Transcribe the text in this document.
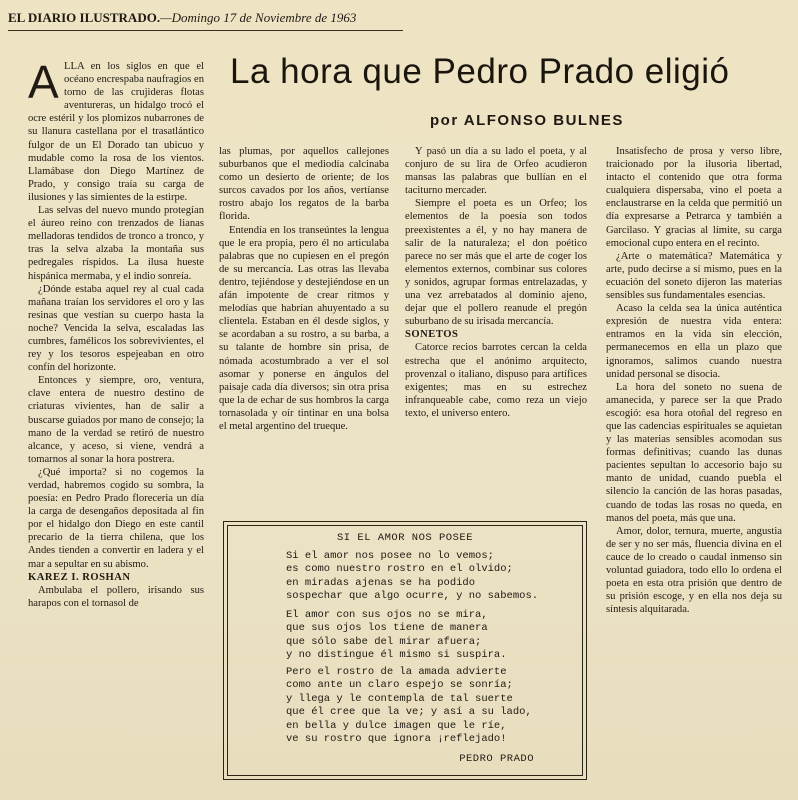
EL DIARIO ILUSTRADO.—Domingo 17 de Noviembre de 1963
La hora que Pedro Prado eligió
por ALFONSO BULNES

ALLA en los siglos en que el océano encrespaba naufragios en torno de las crujideras flotas aventureras, un hidalgo trocó el ocre estéril y los plomizos nubarrones de su llanura castellana por el trasatlántico fulgor de un El Dorado tan ubicuo y mudable como la rosa de los vientos. Llamábase don Diego Martínez de Prado, y consigo traía su carga de ilusiones y las simientes de la estirpe.

Las selvas del nuevo mundo protegían el áureo reino con trenzados de lianas melladoras tendidos de tronco a tronco, y tras la selva alzaba la montaña sus pedregales ríspidos. La ilusa hueste hispánica mermaba, y el indio sonreía.

¿Dónde estaba aquel rey al cual cada mañana traían los servidores el oro y las resinas que vestían su cuerpo hasta la noche? Vencida la selva, escaladas las cumbres, famélicos los sobrevivientes, el rey y los tesoros espejeaban en otro confín del horizonte.

Entonces y siempre, oro, ventura, clave entera de nuestro destino de criaturas vivientes, han de salir a buscarse guiados por mano de consejo; la mano de la verdad se retiró de nuestro alcance, y aceso, si viene, vendrá a tomarnos al sonar la hora postrera.

¿Qué importa? si no cogemos la verdad, habremos cogido su sombra, la poesía: en Pedro Prado floreceria un día la carga de desengaños depositada al fin por el hidalgo don Diego en este cantil precario de la tierra chilena, que los Andes tienden a convertir en ladera y el mar a sepultar en su abismo.

KAREZ I. ROSHAN

Ambulaba el pollero, irisando sus harapos con el tornasol de

las plumas, por aquellos callejones suburbanos que el mediodía calcinaba como un desierto de oriente; de los surcos cavados por los años, vertíanse rostro abajo los regatos de la barba florida.

Entendía en los transeúntes la lengua que le era propia, pero él no articulaba palabras que no cupiesen en el pregón de su mercancía. Las otras las llevaba dentro, tejiéndose y destejiéndose en un afán impotente de crear ritmos y melodías que habrían ahuyentado a su clientela. Estaban en él desde siglos, y se acordaban a su rostro, a su barba, a su talante de hombre sin prisa, de nómada acostumbrado a ver el sol asomar y ponerse en ángulos del paisaje cada día diversos; sin otra prisa que la de echar de sus hombros la carga tornasolada y oír tintinar en una bolsa el metal argentino del trueque.

Y pasó un día a su lado el poeta, y al conjuro de su lira de Orfeo acudieron mansas las palabras que bullían en el taciturno mercader.

Siempre el poeta es un Orfeo; los elementos de la poesía son todos preexistentes a él, y no hay manera de salir de la naturaleza; el don poético parece no ser más que el arte de coger los elementos externos, combinar sus colores y sonidos, agrupar formas entrelazadas, y una vez arrebatados al dominio ajeno, dejar que el pollero reanude el pregón suburbano de su irisada mercancía.

SONETOS

Catorce recios barrotes cercan la celda estrecha que el anónimo arquitecto, provenzal o italiano, dispuso para artífices exigentes; mas en su estrechez infranqueable cabe, como reza un viejo texto, el universo entero.

Insatisfecho de prosa y verso libre, traicionado por la ilusoria libertad, intacto el contenido que otra forma cualquiera dispersaba, vino el poeta a enclaustrarse en la celda que permitió un día expresarse a Petrarca y también a Garcilaso. Y gracias al límite, su carga emocional cupo entera en el recinto.

¿Arte o matemática? Matemática y arte, pudo decirse a sí mismo, pues en la ecuación del soneto dijeron las materias sensibles sus fundamentales esencias.

Acaso la celda sea la única auténtica expresión de nuestra vida entera: entramos en la vida sin elección, permanecemos en ella un plazo que ignoramos, salimos cuando nuestra unidad personal se disocia.

La hora del soneto no suena de amanecida, y parece ser la que Prado escogió: esa hora otoñal del regreso en que las cadencias espirituales se aquietan y las materias sensibles acomodan sus formas definitivas; cuando las dunas pacientes sepultan lo accesorio bajo su manto de unidad, cuando puebla el silencio la canción de las horas pasadas, cuando de todas las rosas no queda, en manos del poeta, más que una.

Amor, dolor, ternura, muerte, angustia de ser y no ser más, fluencia divina en el cauce de lo creado o caudal inmenso sin voluntad guiadora, todo ello lo ordena el poeta en esta otra prisión que dentro de su prisión escoge, y en ella nos deja su síntesis alquitarada.

SI EL AMOR NOS POSEE
Si el amor nos posee no lo vemos;
es como nuestro rostro en el olvido;
en miradas ajenas se ha podido
sospechar que algo ocurre, y no sabemos.
El amor con sus ojos no se mira,
que sus ojos los tiene de manera
que sólo sabe del mirar afuera;
y no distingue él mismo si suspira.
Pero el rostro de la amada advierte
como ante un claro espejo se sonría;
y llega y le contempla de tal suerte
que él cree que la ve; y así a su lado,
en bella y dulce imagen que le ríe,
ve su rostro que ignora ¡reflejado!
PEDRO PRADO
